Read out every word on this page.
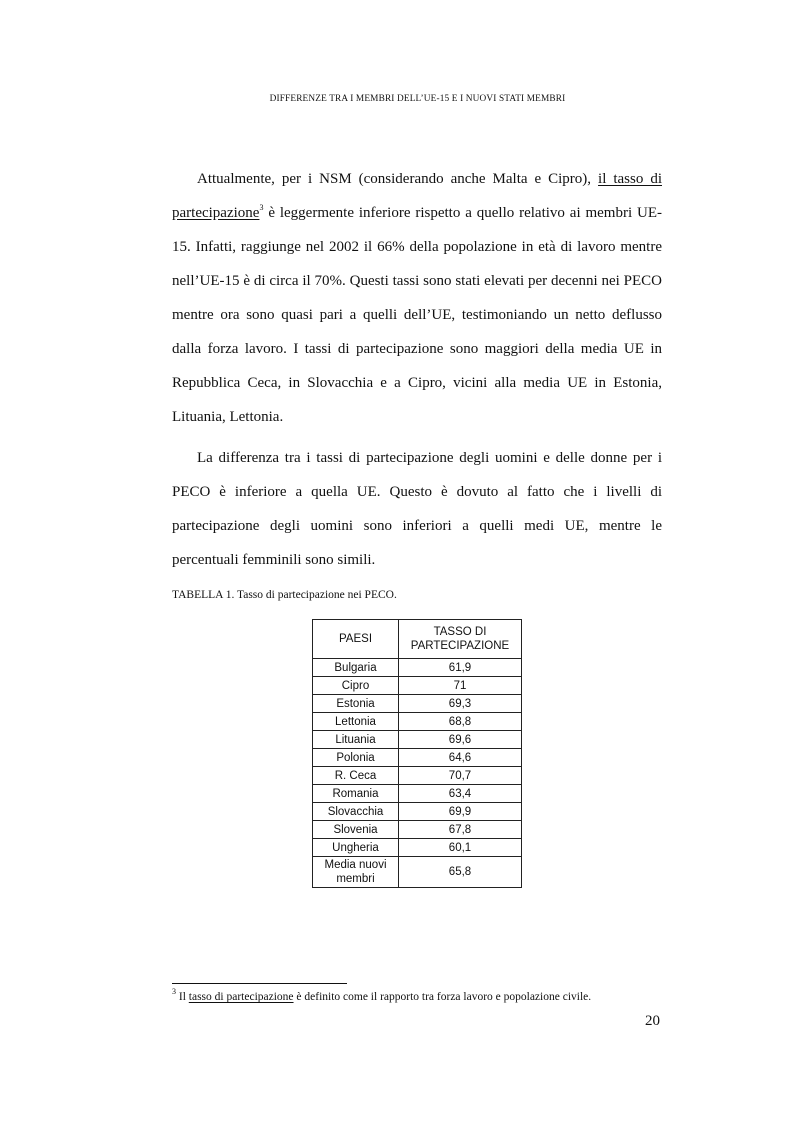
DIFFERENZE TRA I MEMBRI DELL’UE-15 E I NUOVI STATI MEMBRI

Attualmente, per i NSM (considerando anche Malta e Cipro), il tasso di partecipazione$^3$ è leggermente inferiore rispetto a quello relativo ai membri UE-15. Infatti, raggiunge nel 2002 il 66% della popolazione in età di lavoro mentre nell’UE-15 è di circa il 70%. Questi tassi sono stati elevati per decenni nei PECO mentre ora sono quasi pari a quelli dell’UE, testimoniando un netto deflusso dalla forza lavoro. I tassi di partecipazione sono maggiori della media UE in Repubblica Ceca, in Slovacchia e a Cipro, vicini alla media UE in Estonia, Lituania, Lettonia.

La differenza tra i tassi di partecipazione degli uomini e delle donne per i PECO è inferiore a quella UE. Questo è dovuto al fatto che i livelli di partecipazione degli uomini sono inferiori a quelli medi UE, mentre le percentuali femminili sono simili.

TABELLA 1. Tasso di partecipazione nei PECO.
PAESI	TASSO DI
PARTECIPAZIONE
Bulgaria	61,9
Cipro	71
Estonia	69,3
Lettonia	68,8
Lituania	69,6
Polonia	64,6
R. Ceca	70,7
Romania	63,4
Slovacchia	69,9
Slovenia	67,8
Ungheria	60,1
Media nuovi membri	65,8
$^3$ Il tasso di partecipazione è definito come il rapporto tra forza lavoro e popolazione civile.
20
